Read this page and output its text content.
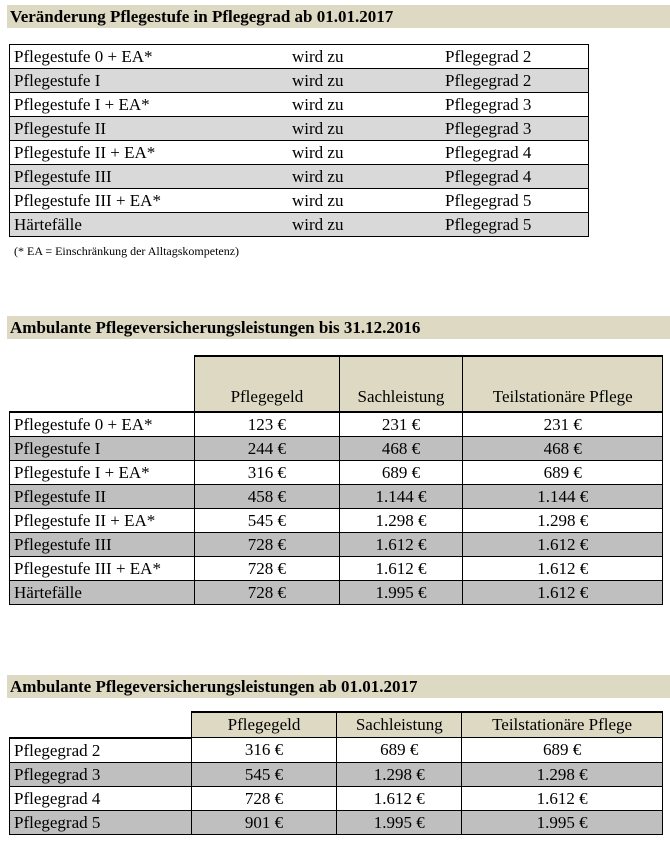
Veränderung Pflegestufe in Pflegegrad ab 01.01.2017
Pflegestufe 0 + EA*	wird zu	Pflegegrad 2
Pflegestufe I	wird zu	Pflegegrad 2
Pflegestufe I + EA*	wird zu	Pflegegrad 3
Pflegestufe II	wird zu	Pflegegrad 3
Pflegestufe II + EA*	wird zu	Pflegegrad 4
Pflegestufe III	wird zu	Pflegegrad 4
Pflegestufe III + EA*	wird zu	Pflegegrad 5
Härtefälle	wird zu	Pflegegrad 5
(* EA = Einschränkung der Alltagskompetenz)
Ambulante Pflegeversicherungsleistungen bis 31.12.2016
	Pflegegeld	Sachleistung	Teilstationäre Pflege
Pflegestufe 0 + EA*	123 €	231 €	231 €
Pflegestufe I	244 €	468 €	468 €
Pflegestufe I + EA*	316 €	689 €	689 €
Pflegestufe II	458 €	1.144 €	1.144 €
Pflegestufe II + EA*	545 €	1.298 €	1.298 €
Pflegestufe III	728 €	1.612 €	1.612 €
Pflegestufe III + EA*	728 €	1.612 €	1.612 €
Härtefälle	728 €	1.995 €	1.612 €
Ambulante Pflegeversicherungsleistungen ab 01.01.2017
	Pflegegeld	Sachleistung	Teilstationäre Pflege
Pflegegrad 2	316 €	689 €	689 €
Pflegegrad 3	545 €	1.298 €	1.298 €
Pflegegrad 4	728 €	1.612 €	1.612 €
Pflegegrad 5	901 €	1.995 €	1.995 €
